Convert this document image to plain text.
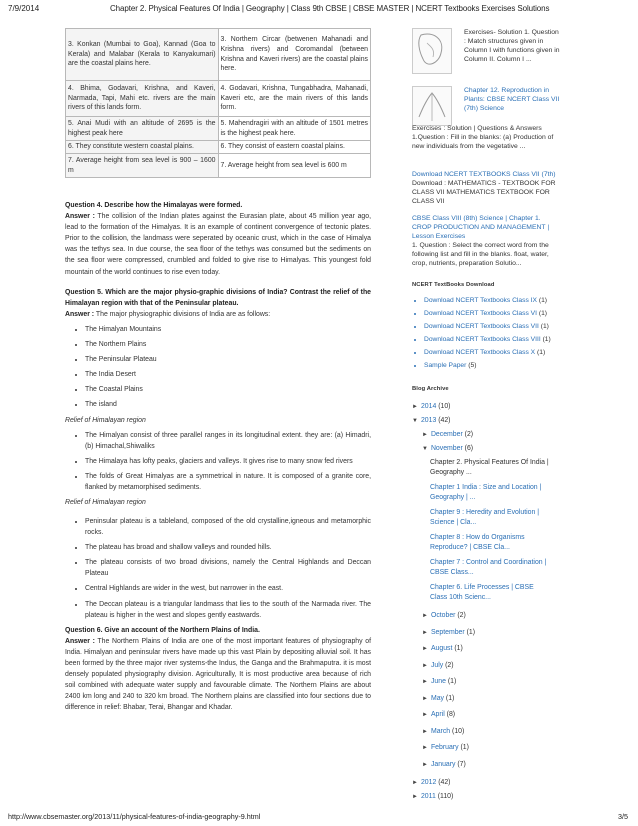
7/9/2014	Chapter 2. Physical Features Of India | Geography | Class 9th CBSE | CBSE MASTER | NCERT Textbooks Exercises Solutions
3. Konkan (Mumbai to Goa), Kannad (Goa to Kerala) and Malabar (Kerala to Kanyakumari) are the coastal plains here.	3. Northern Circar (betwenen Mahanadi and Krishna rivers) and Coromandal (between Krishna and Kaveri rivers) are the coastal plains here.
4. Bhima, Godavari, Krishna, and Kaveri, Narmada, Tapi, Mahi etc. rivers are the main rivers of this lands form.	4. Godavari, Krishna, Tungabhadra, Mahanadi, Kaveri etc, are the main rivers of this lands form.
5. Anai Mudi with an altitude of 2695 is the highest peak here	5. Mahendragiri with an altitude of 1501 metres is the highest peak here.
6. They constitute western coastal plains.	6. They consist of eastern coastal plains.
7. Average height from sea level is 900 – 1600 m	7. Average height from sea level is 600 m
Question 4. Describe how the Himalayas were formed.
Answer : The collision of the Indian plates against the Eurasian plate, about 45 million year ago, lead to the formation of the Himalyas. It is an example of continent convergence of tectonic plates. Prior to the collision, the landmass were seperated by oceanic crust, which in the case of Himalya was the tethys sea. In due course, the sea floor of the tethys was consumed but the sediments on the sea floor were compressed, crumbled and folded to give rise to Himalyas. This youngest fold mountain of the world continues to rise even today.
Question 5. Which are the major physio-graphic divisions of India? Contrast the relief of the Himalayan region with that of the Peninsular plateau.
Answer : The major physiographic divisions of India are as follows:
• The Himalyan Mountains
• The Northern Plains
• The Peninsular Plateau
• The India Desert
• The Coastal Plains
• The island
Relief of Himalayan region
• The Himalyan consist of three parallel ranges in its longitudinal extent. they are: (a) Himadri, (b) Himachal,Shiwaliks
• The Himalaya has lofty peaks, glaciers and valleys. It gives rise to many snow fed rivers
• The folds of Great Himalyas are a symmetrical in nature. It is composed of a granite core, flanked by metamorphised sediments.
Relief of Himalayan region
• Peninsular plateau is a tableland, composed of the old crystalline,igneous and metamorphic rocks.
• The plateau has broad and shallow valleys and rounded hills.
• The plateau consists of two broad divisions, namely the Central Highlands and Deccan Plateau
• Central Highlands are wider in the west, but narrower in the east.
• The Deccan plateau is a triangular landmass that lies to the south of the Narmada river. The plateau is higher in the west and slopes gently eastwards.
Question 6. Give an account of the Northern Plains of India.
Answer : The Northern Plains of India are one of the most important features of physiography of India. Himalyan and peninsular rivers have made up this vast Plain by depositing alluvial soil. It has been formed by the three major river systems-the Indus, the Ganga and the Brahmaputra. it is most densely populated physiography division. Agriculturally, It is most productive area because of rich soil combined with adequate water supply and favourable climate. The Northern Plains are about 2400 km long and 240 to 320 km broad. The Northern plains are classified into four sections due to difference in relief: Bhabar, Terai, Bhangar and Khadar.
Exercises- Solution 1. Question : Match structures given in Column I with functions given in Column II. Column I ...
Chapter 12. Reproduction in Plants: CBSE NCERT Class VII (7th) Science
Exercises : Solution | Questions & Answers 1.Question : Fill in the blanks: (a) Production of new individuals from the vegetative ...
Download NCERT TEXTBOOKS Class VII (7th)
Download : MATHEMATICS - TEXTBOOK FOR CLASS VII MATHEMATICS TEXTBOOK FOR CLASS VII
CBSE Class VIII (8th) Science | Chapter 1. CROP PRODUCTION AND MANAGEMENT | Lesson Exercises
1. Question : Select the correct word from the following list and fill in the blanks. float, water, crop, nutrients, preparation Solutio...
NCERT TextBooks Download
• Download NCERT Textbooks Class IX (1)
• Download NCERT Textbooks Class VI (1)
• Download NCERT Textbooks Class VII (1)
• Download NCERT Textbooks Class VIII (1)
• Download NCERT Textbooks Class X (1)
• Sample Paper (5)
Blog Archive
► 2014 (10)
▼ 2013 (42)
► December (2)
▼ November (6)
Chapter 2. Physical Features Of India | Geography ...
Chapter 1 India : Size and Location | Geography | ...
Chapter 9 : Heredity and Evolution | Science | Cla...
Chapter 8 : How do Organisms Reproduce? | CBSE Cla...
Chapter 7 : Control and Coordination | CBSE Class...
Chapter 6. Life Processes | CBSE Class 10th Scienc...
► October (2)
► September (1)
► August (1)
► July (2)
► June (1)
► May (1)
► April (8)
► March (10)
► February (1)
► January (7)
► 2012 (42)
► 2011 (110)
http://www.cbsemaster.org/2013/11/physical-features-of-india-geography-9.html	3/5
